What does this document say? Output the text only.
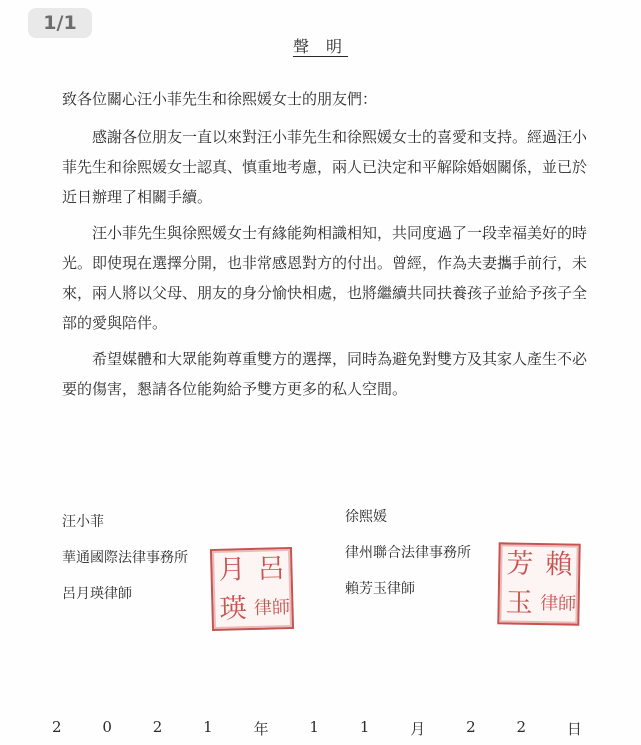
1/1
聲 明
致各位關心汪小菲先生和徐熙媛女士的朋友們：

感謝各位朋友一直以來對汪小菲先生和徐熙媛女士的喜愛和支持。經過汪小菲先生和徐熙媛女士認真、慎重地考慮，兩人已決定和平解除婚姻關係，並已於近日辦理了相關手續。

汪小菲先生與徐熙媛女士有緣能夠相識相知，共同度過了一段幸福美好的時光。即使現在選擇分開，也非常感恩對方的付出。曾經，作為夫妻攜手前行，未來，兩人將以父母、朋友的身分愉快相處，也將繼續共同扶養孩子並給予孩子全部的愛與陪伴。

希望媒體和大眾能夠尊重雙方的選擇，同時為避免對雙方及其家人產生不必要的傷害，懇請各位能夠給予雙方更多的私人空間。

汪小菲
華通國際法律事務所
呂月瑛律師
月 呂
瑛 律師
徐熙媛
律州聯合法律事務所
賴芳玉律師
芳 賴
玉 律師
2	0	2	1	年	1	1	月	2	2	日
